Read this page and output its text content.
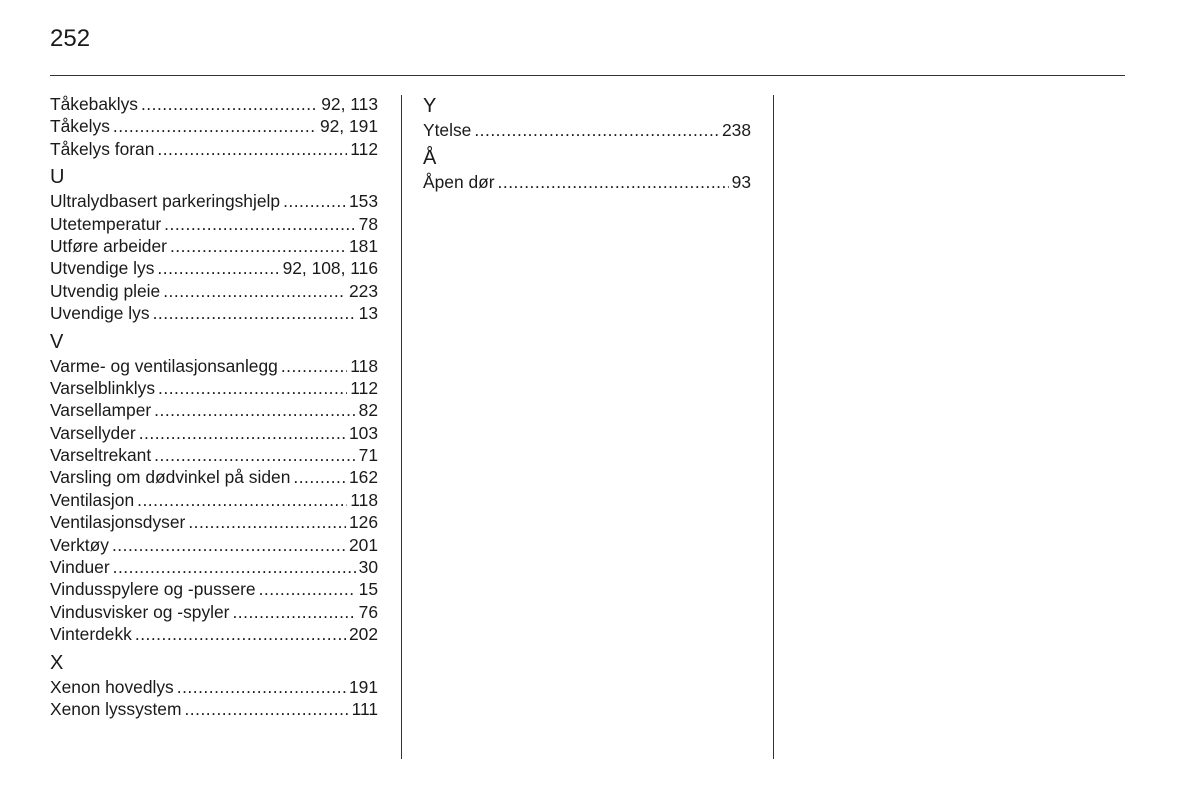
252
Tåkebaklys .....	92, 113
Tåkelys .....	92, 191
Tåkelys foran .....	112
U
Ultralydbasert parkeringshjelp .....	153
Utetemperatur .....	78
Utføre arbeider .....	181
Utvendige lys .....	92, 108, 116
Utvendig pleie .....	223
Uvendige lys .....	13
V
Varme- og ventilasjonsanlegg .....	118
Varselblinklys .....	112
Varsellamper .....	82
Varsellyder .....	103
Varseltrekant .....	71
Varsling om dødvinkel på siden .....	162
Ventilasjon .....	118
Ventilasjonsdyser .....	126
Verktøy .....	201
Vinduer .....	30
Vindusspylere og -pussere .....	15
Vindusvisker og -spyler .....	76
Vinterdekk .....	202
X
Xenon hovedlys .....	191
Xenon lyssystem .....	111
Y
Ytelse .....	238
Å
Åpen dør .....	93
